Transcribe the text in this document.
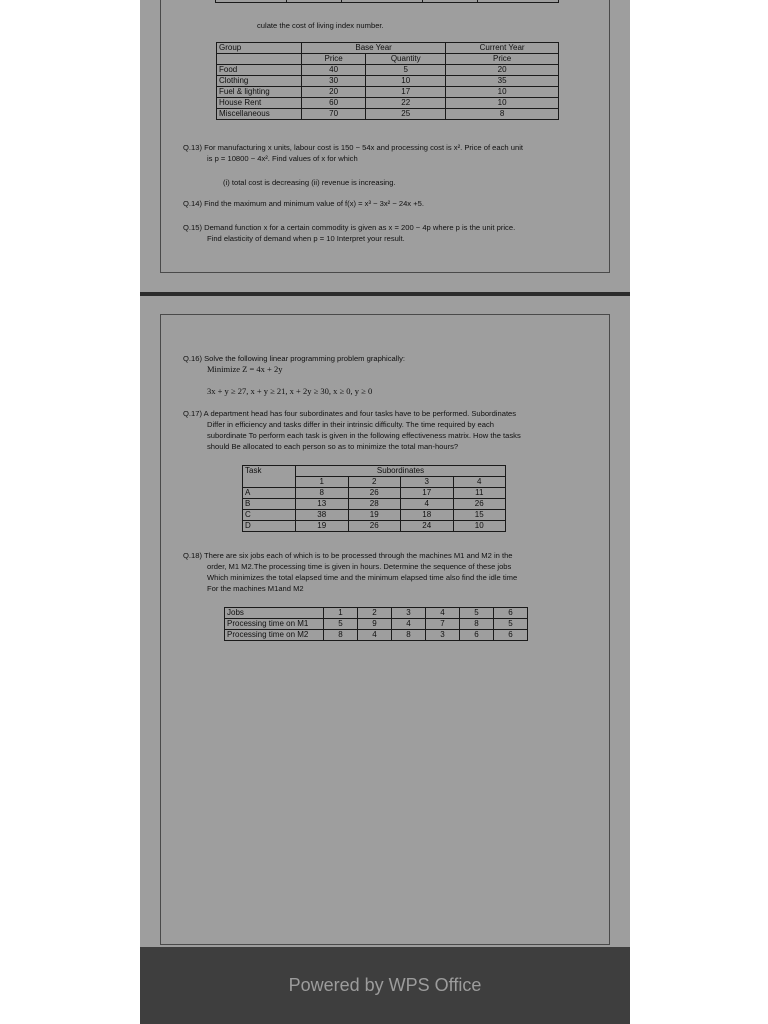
culate the cost of living index number.
Group	Base Year		Current Year
	Price	Quantity	Price
Food	40	5	20
Clothing	30	10	35
Fuel & lighting	20	17	10
House Rent	60	22	10
Miscellaneous	70	25	8
Q.13) For manufacturing x units, labour cost is 150 − 54x and processing cost is x². Price of each unit
is p = 10800 − 4x². Find values of x for which
(i) total cost is decreasing (ii) revenue is increasing.
Q.14) Find the maximum and minimum value of f(x) = x³ − 3x² − 24x +5.
Q.15) Demand function x for a certain commodity is given as x = 200 − 4p where p is the unit price.
Find elasticity of demand when p = 10 Interpret your result.
Q.16) Solve the following linear programming problem graphically:
Minimize Z = 4x + 2y
3x + y ≥ 27, x + y ≥ 21, x + 2y ≥ 30, x ≥ 0, y ≥ 0
Q.17) A department head has four subordinates and four tasks have to be performed. Subordinates
Differ in efficiency and tasks differ in their intrinsic difficulty. The time required by each
subordinate To perform each task is given in the following effectiveness matrix. How the tasks
should Be allocated to each person so as to minimize the total man-hours?
Task	Subordinates			
	1	2	3	4
A	8	26	17	11
B	13	28	4	26
C	38	19	18	15
D	19	26	24	10
Q.18) There are six jobs each of which is to be processed through the machines M1 and M2 in the
order, M1 M2.The processing time is given in hours. Determine the sequence of these jobs
Which minimizes the total elapsed time and the minimum elapsed time also find the idle time
For the machines M1and M2
Jobs	1	2	3	4	5	6
Processing time on M1	5	9	4	7	8	5
Processing time on M2	8	4	8	3	6	6
Powered by WPS Office
